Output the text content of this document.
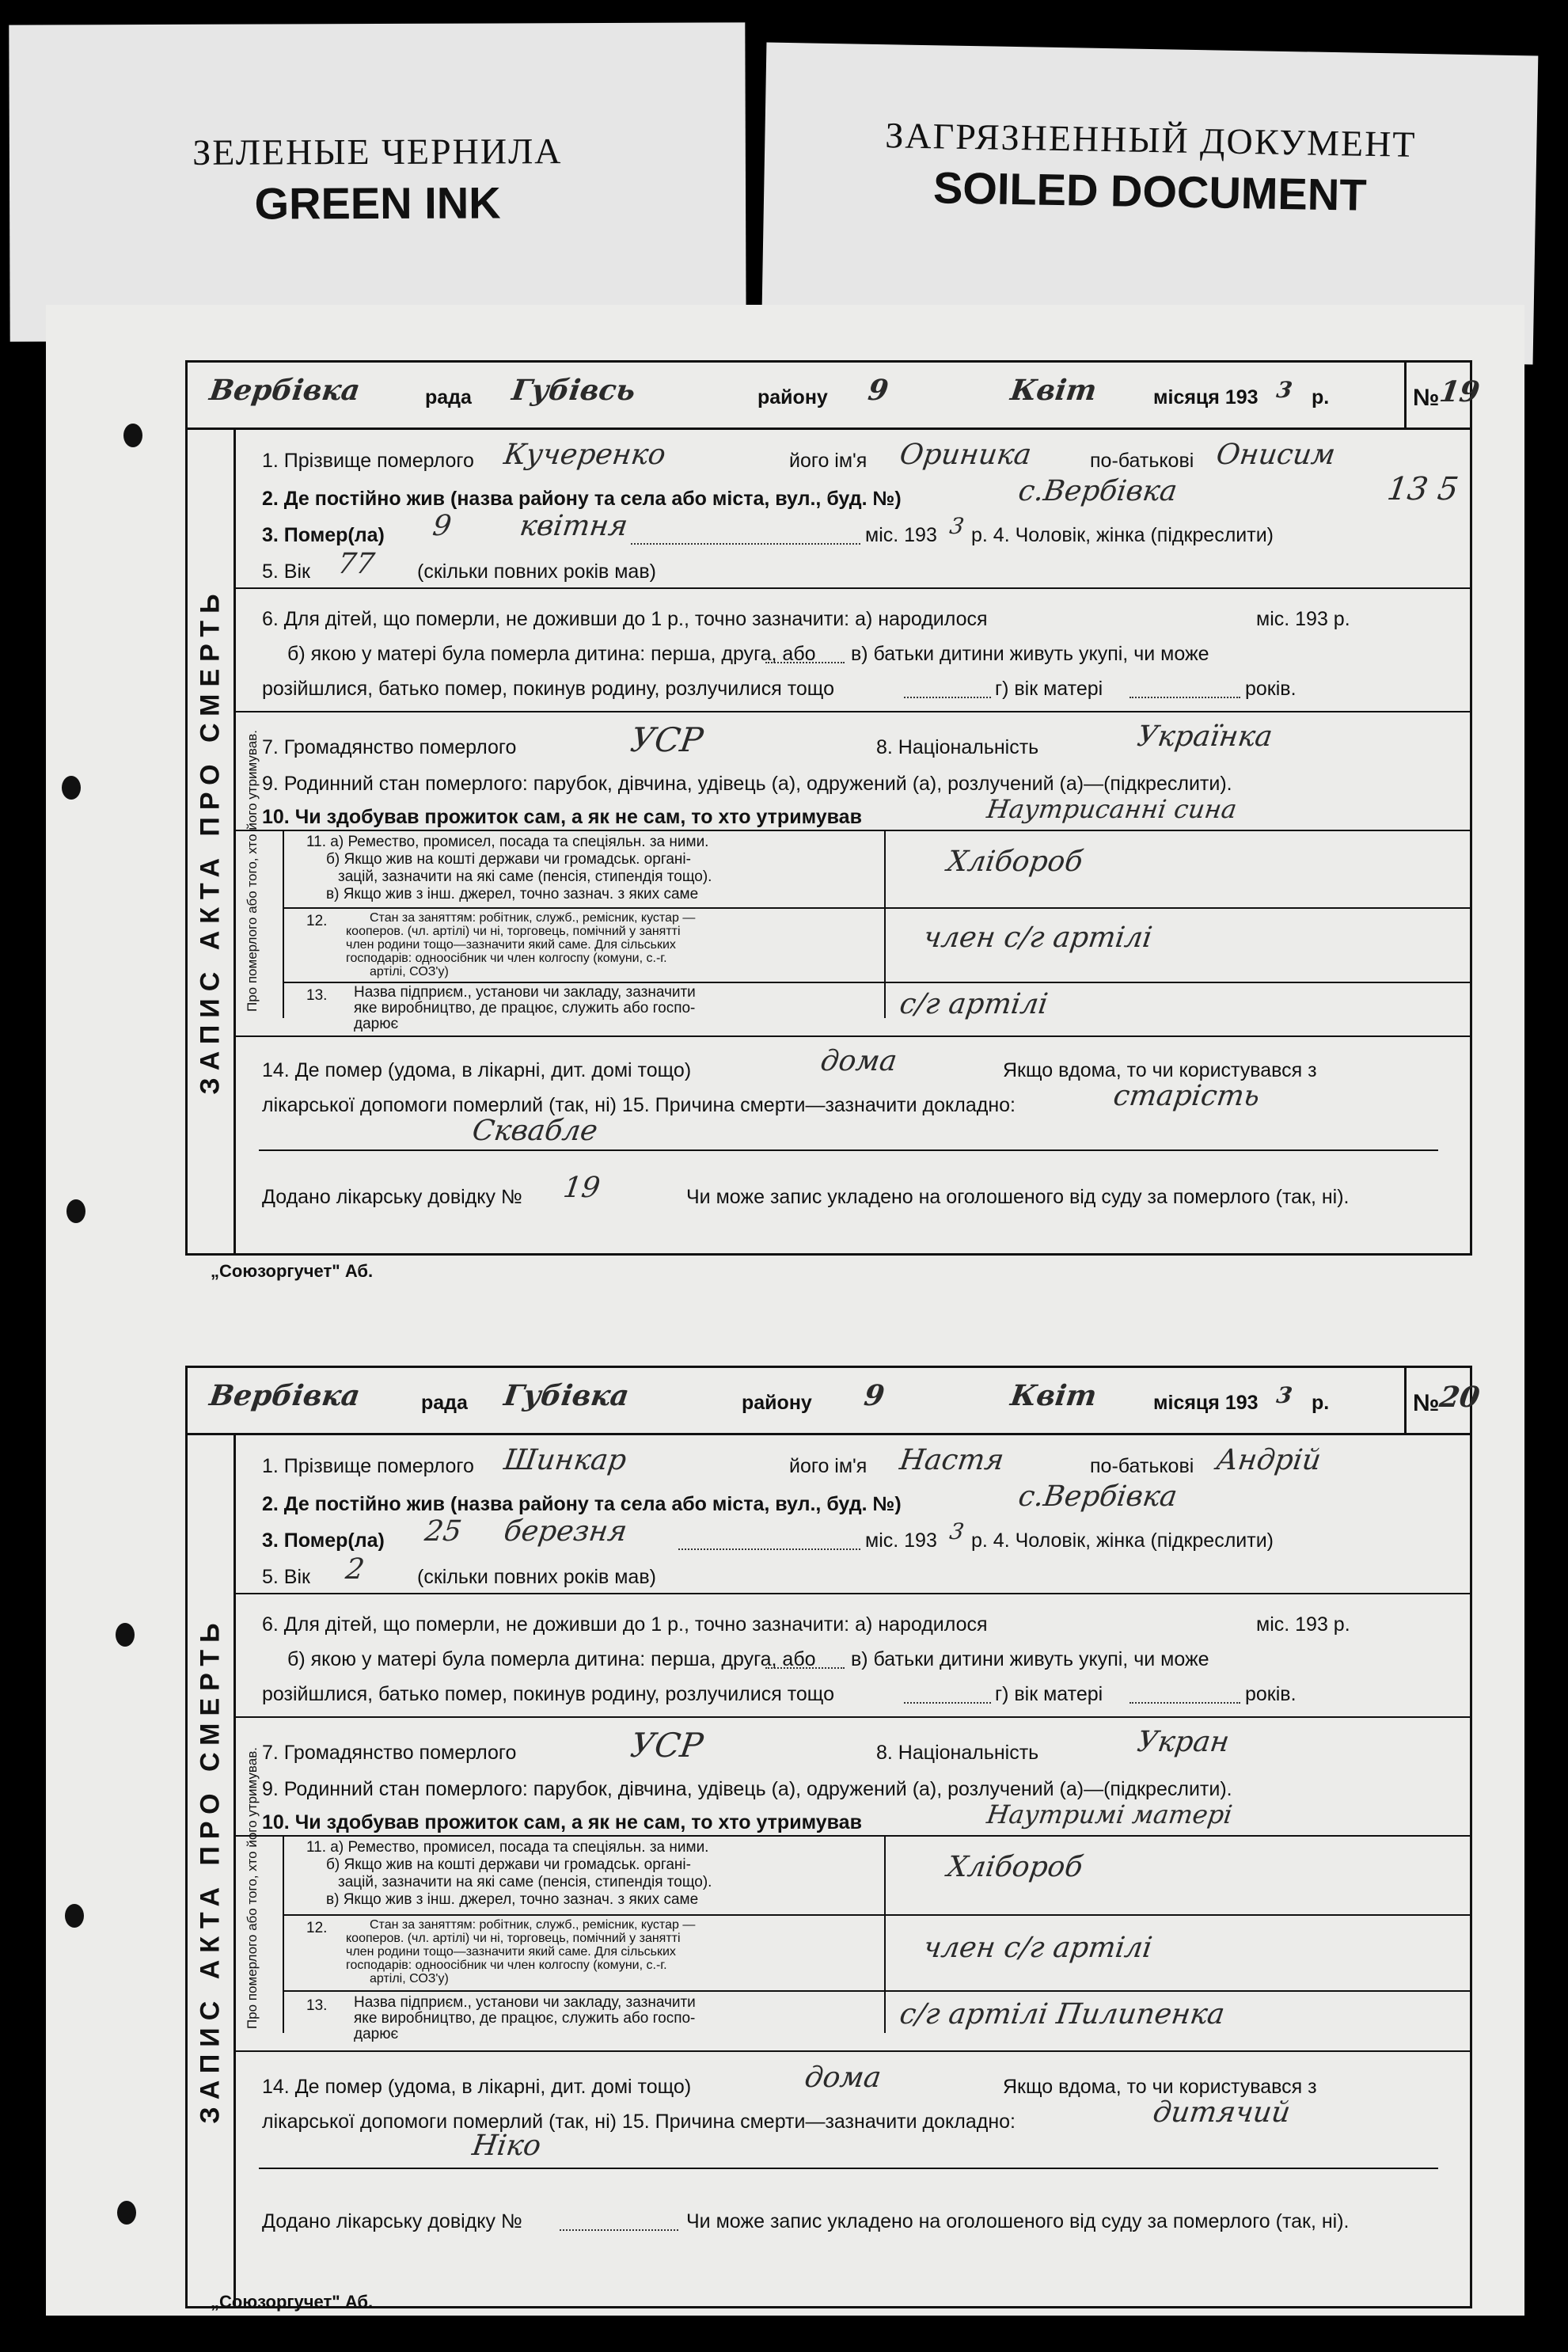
ЗЕЛЕНЫЕ ЧЕРНИЛА
GREEN INK
ЗАГРЯЗНЕННЫЙ ДОКУМЕНТ
SOILED DOCUMENT
13 5
Вербівка	рада Губівсь	району 9	Квіт	місяця 193 3 р.	№
19
ЗАПИС АКТА ПРО СМЕРТЬ
1. Прізвище померлого Кучеренко	його ім'я Ориника	по-батькові Онисим
2. Де постійно жив (назва району та села або міста, вул., буд. №)	с.Вербівка
3. Помер(ла) 9 квітня	міс. 193 3 р. 4. Чоловік, жінка (підкреслити)
5. Вік 77 (скільки повних років мав)
6. Для дітей, що померли, не доживши до 1 р., точно зазначити: а) народилося	міс. 193 р.
б) якою у матері була померла дитина: перша, друга, або в) батьки дитини живуть укупі, чи може
розійшлися, батько помер, покинув родину, розлучилися тощо	г) вік матері	років.
7. Громадянство померлого	УСР	8. Національність	Українка
9. Родинний стан померлого: парубок, дівчина, удівець (а), одружений (а), розлучений (а)—(підкреслити).
10. Чи здобував прожиток сам, а як не сам, то хто утримував	Наутрисанні сина
Про померлого або того, хто його утримував.	11. а) Ремество, промисел, посада та спеціяльн. за ними.
б) Якщо жив на коштi держави чи громадськ. органі-
зацій, зазначити на які саме (пенсія, стипендія тощо).
в) Якщо жив з інш. джерел, точно зазнач. з яких саме
Хлібороб
12.	Стан за заняттям: робітник, служб., ремісник, кустар —
кооперов. (чл. артілі) чи ні, торговець, помічний у занятті
член родини тощо—зазначити який саме. Для сільських
господарів: одноосібник чи член колгоспу (комуни, с.-г.
артілі, СОЗ'у)
член с/г артілі
13. Назва підприєм., установи чи закладу, зазначити
яке виробництво, де працює, служить або госпо-
дарює
с/г артілі
14. Де помер (удома, в лікарні, дит. домі тощо)	дома	Якщо вдома, то чи користувався з
лікарської допомоги померлий (так, ні) 15. Причина смерти—зазначити докладно:	старість
Сквабле
Додано лікарську довідку № 19	Чи може запис укладено на оголошеного від суду за померлого (так, ні).
„Союзоргучет" Аб.
Вербівка	рада Губівка	району 9	Квіт	місяця 193 3 р.	№
20
ЗАПИС АКТА ПРО СМЕРТЬ
1. Прізвище померлого Шинкар	його ім'я Настя	по-батькові Андрій
2. Де постійно жив (назва району та села або міста, вул., буд. №)	с.Вербівка
3. Помер(ла) 25 березня	міс. 193 3 р. 4. Чоловік, жінка (підкреслити)
5. Вік 2	(скільки повних років мав)
6. Для дітей, що померли, не доживши до 1 р., точно зазначити: а) народилося	міс. 193 р.
б) якою у матері була померла дитина: перша, друга, або в) батьки дитини живуть укупі, чи може
розійшлися, батько помер, покинув родину, розлучилися тощо	г) вік матері	років.
7. Громадянство померлого	УСР	8. Національність	Укран
9. Родинний стан померлого: парубок, дівчина, удівець (а), одружений (а), розлучений (а)—(підкреслити).
10. Чи здобував прожиток сам, а як не сам, то хто утримував	Наутримі матері
Про померлого або того, хто його утримував.	11. а) Ремество, промисел, посада та спеціяльн. за ними.
б) Якщо жив на коштi держави чи громадськ. органі-
зацій, зазначити на які саме (пенсія, стипендія тощо).
в) Якщо жив з інш. джерел, точно зазнач. з яких саме
Хлібороб
12.	Стан за заняттям: робітник, служб., ремісник, кустар —
кооперов. (чл. артілі) чи ні, торговець, помічний у занятті
член родини тощо—зазначити який саме. Для сільських
господарів: одноосібник чи член колгоспу (комуни, с.-г.
артілі, СОЗ'у)
член с/г артілі
13. Назва підприєм., установи чи закладу, зазначити
яке виробництво, де працює, служить або госпо-
дарює
с/г артілі Пилипенка
14. Де помер (удома, в лікарні, дит. домі тощо)	дома	Якщо вдома, то чи користувався з
лікарської допомоги померлий (так, ні) 15. Причина смерти—зазначити докладно:	дитячий
Ніко
Додано лікарську довідку №	Чи може запис укладено на оголошеного від суду за померлого (так, ні).
„Союзоргучет" Аб.
